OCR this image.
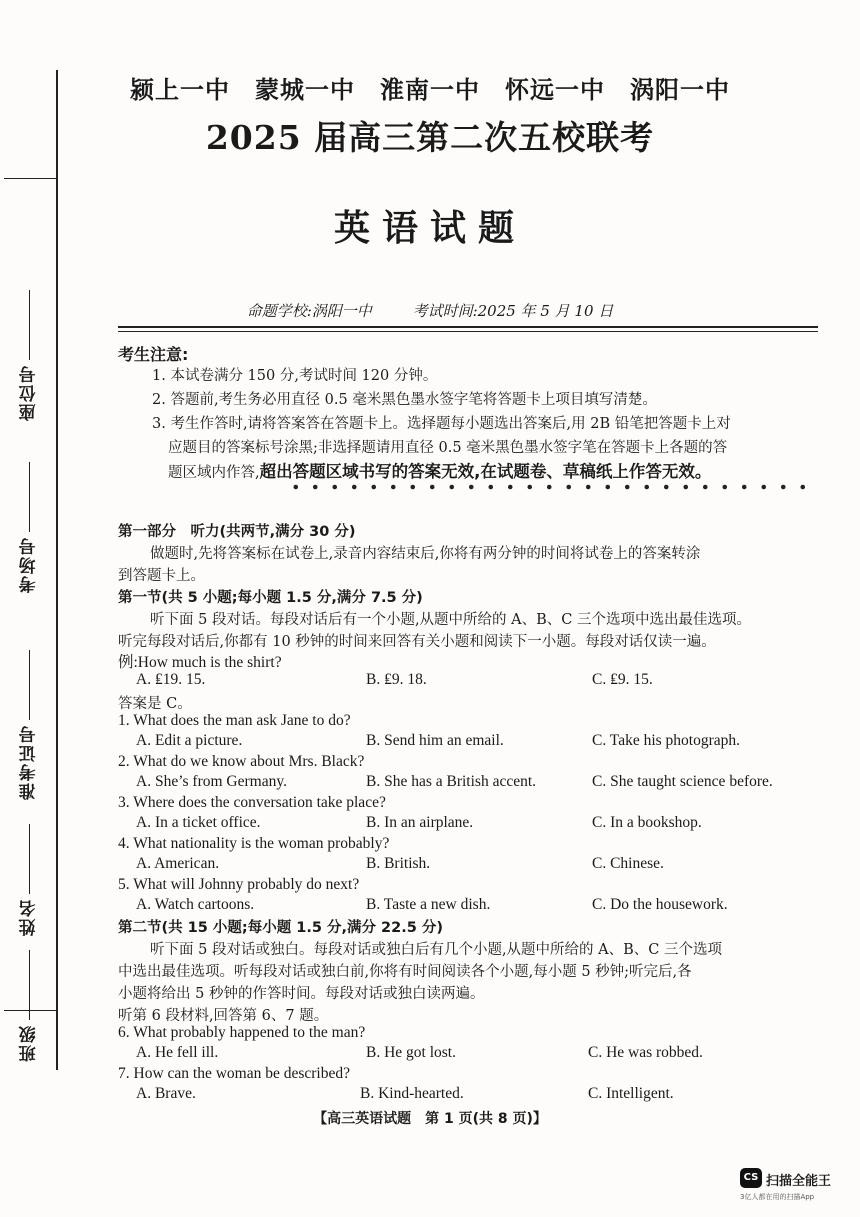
座位号
考场号
准考证号
姓名
班级
颍上一中　蒙城一中　淮南一中　怀远一中　涡阳一中
2025 届高三第二次五校联考
英语试题
命题学校:涡阳一中	考试时间:2025 年 5 月 10 日
考生注意:
1. 本试卷满分 150 分,考试时间 120 分钟。
2. 答题前,考生务必用直径 0.5 毫米黑色墨水签字笔将答题卡上项目填写清楚。
3. 考生作答时,请将答案答在答题卡上。选择题每小题选出答案后,用 2B 铅笔把答题卡上对
应题目的答案标号涂黑;非选择题请用直径 0.5 毫米黑色墨水签字笔在答题卡上各题的答
题区域内作答,超出答题区域书写的答案无效,在试题卷、草稿纸上作答无效。
第一部分　听力(共两节,满分 30 分)
做题时,先将答案标在试卷上,录音内容结束后,你将有两分钟的时间将试卷上的答案转涂
到答题卡上。
第一节(共 5 小题;每小题 1.5 分,满分 7.5 分)
听下面 5 段对话。每段对话后有一个小题,从题中所给的 A、B、C 三个选项中选出最佳选项。
听完每段对话后,你都有 10 秒钟的时间来回答有关小题和阅读下一小题。每段对话仅读一遍。
例:How much is the shirt?
A. ₤19. 15.	B. ₤9. 18.	C. ₤9. 15.
答案是 C。
1. What does the man ask Jane to do?
A. Edit a picture.	B. Send him an email.	C. Take his photograph.
2. What do we know about Mrs. Black?
A. She’s from Germany.	B. She has a British accent.	C. She taught science before.
3. Where does the conversation take place?
A. In a ticket office.	B. In an airplane.	C. In a bookshop.
4. What nationality is the woman probably?
A. American.	B. British.	C. Chinese.
5. What will Johnny probably do next?
A. Watch cartoons.	B. Taste a new dish.	C. Do the housework.
第二节(共 15 小题;每小题 1.5 分,满分 22.5 分)
听下面 5 段对话或独白。每段对话或独白后有几个小题,从题中所给的 A、B、C 三个选项
中选出最佳选项。听每段对话或独白前,你将有时间阅读各个小题,每小题 5 秒钟;听完后,各
小题将给出 5 秒钟的作答时间。每段对话或独白读两遍。
听第 6 段材料,回答第 6、7 题。
6. What probably happened to the man?
A. He fell ill.	B. He got lost.	C. He was robbed.
7. How can the woman be described?
A. Brave.	B. Kind-hearted.	C. Intelligent.
【高三英语试题　第 1 页(共 8 页)】
CS 扫描全能王
3亿人都在用的扫描App
